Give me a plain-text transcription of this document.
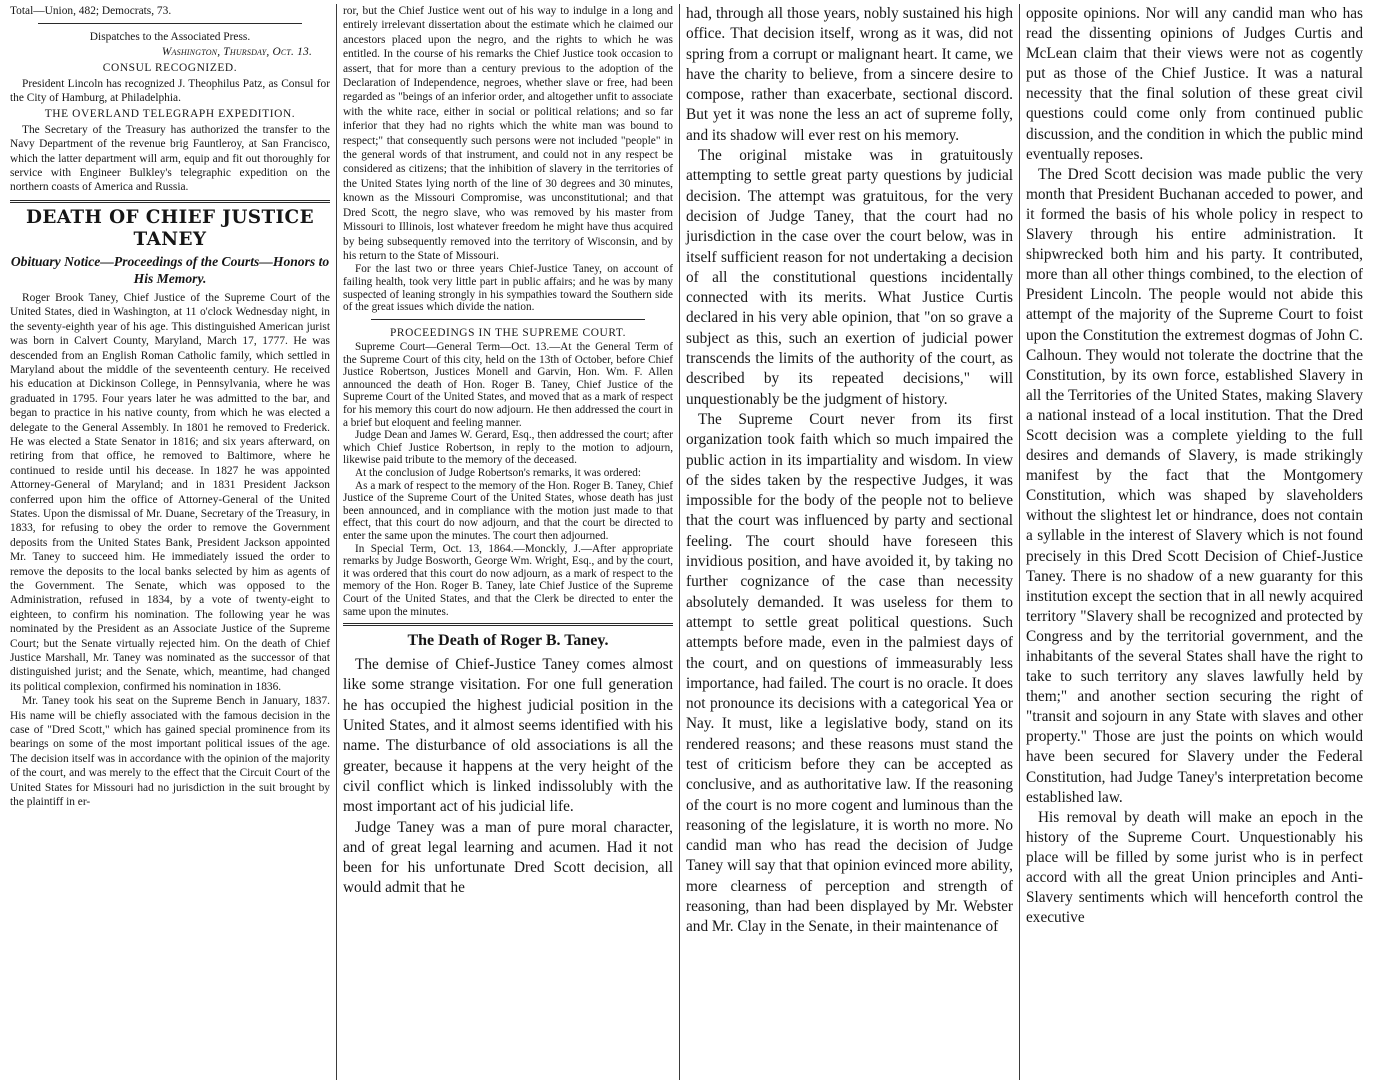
Total—Union, 482; Democrats, 73.

Dispatches to the Associated Press.

Washington, Thursday, Oct. 13.

CONSUL RECOGNIZED.

President Lincoln has recognized J. Theophilus Patz, as Consul for the City of Hamburg, at Philadelphia.

THE OVERLAND TELEGRAPH EXPEDITION.

The Secretary of the Treasury has authorized the transfer to the Navy Department of the revenue brig Fauntleroy, at San Francisco, which the latter department will arm, equip and fit out thoroughly for service with Engineer Bulkley's telegraphic expedition on the northern coasts of America and Russia.

DEATH OF CHIEF JUSTICE TANEY

Obituary Notice—Proceedings of the Courts—Honors to His Memory.

Roger Brook Taney, Chief Justice of the Supreme Court of the United States, died in Washington, at 11 o'clock Wednesday night, in the seventy-eighth year of his age. This distinguished American jurist was born in Calvert County, Maryland, March 17, 1777. He was descended from an English Roman Catholic family, which settled in Maryland about the middle of the seventeenth century. He received his education at Dickinson College, in Pennsylvania, where he was graduated in 1795. Four years later he was admitted to the bar, and began to practice in his native county, from which he was elected a delegate to the General Assembly. In 1801 he removed to Frederick. He was elected a State Senator in 1816; and six years afterward, on retiring from that office, he removed to Baltimore, where he continued to reside until his decease. In 1827 he was appointed Attorney-General of Maryland; and in 1831 President Jackson conferred upon him the office of Attorney-General of the United States. Upon the dismissal of Mr. Duane, Secretary of the Treasury, in 1833, for refusing to obey the order to remove the Government deposits from the United States Bank, President Jackson appointed Mr. Taney to succeed him. He immediately issued the order to remove the deposits to the local banks selected by him as agents of the Government. The Senate, which was opposed to the Administration, refused in 1834, by a vote of twenty-eight to eighteen, to confirm his nomination. The following year he was nominated by the President as an Associate Justice of the Supreme Court; but the Senate virtually rejected him. On the death of Chief Justice Marshall, Mr. Taney was nominated as the successor of that distinguished jurist; and the Senate, which, meantime, had changed its political complexion, confirmed his nomination in 1836.

Mr. Taney took his seat on the Supreme Bench in January, 1837. His name will be chiefly associated with the famous decision in the case of "Dred Scott," which has gained special prominence from its bearings on some of the most important political issues of the age. The decision itself was in accordance with the opinion of the majority of the court, and was merely to the effect that the Circuit Court of the United States for Missouri had no jurisdiction in the suit brought by the plaintiff in er-

ror, but the Chief Justice went out of his way to indulge in a long and entirely irrelevant dissertation about the estimate which he claimed our ancestors placed upon the negro, and the rights to which he was entitled. In the course of his remarks the Chief Justice took occasion to assert, that for more than a century previous to the adoption of the Declaration of Independence, negroes, whether slave or free, had been regarded as "beings of an inferior order, and altogether unfit to associate with the white race, either in social or political relations; and so far inferior that they had no rights which the white man was bound to respect;" that consequently such persons were not included "people" in the general words of that instrument, and could not in any respect be considered as citizens; that the inhibition of slavery in the territories of the United States lying north of the line of 30 degrees and 30 minutes, known as the Missouri Compromise, was unconstitutional; and that Dred Scott, the negro slave, who was removed by his master from Missouri to Illinois, lost whatever freedom he might have thus acquired by being subsequently removed into the territory of Wisconsin, and by his return to the State of Missouri.

For the last two or three years Chief-Justice Taney, on account of failing health, took very little part in public affairs; and he was by many suspected of leaning strongly in his sympathies toward the Southern side of the great issues which divide the nation.

PROCEEDINGS IN THE SUPREME COURT.

Supreme Court—General Term—Oct. 13.—At the General Term of the Supreme Court of this city, held on the 13th of October, before Chief Justice Robertson, Justices Monell and Garvin, Hon. Wm. F. Allen announced the death of Hon. Roger B. Taney, Chief Justice of the Supreme Court of the United States, and moved that as a mark of respect for his memory this court do now adjourn. He then addressed the court in a brief but eloquent and feeling manner.

Judge Dean and James W. Gerard, Esq., then addressed the court; after which Chief Justice Robertson, in reply to the motion to adjourn, likewise paid tribute to the memory of the deceased.

At the conclusion of Judge Robertson's remarks, it was ordered:

As a mark of respect to the memory of the Hon. Roger B. Taney, Chief Justice of the Supreme Court of the United States, whose death has just been announced, and in compliance with the motion just made to that effect, that this court do now adjourn, and that the court be directed to enter the same upon the minutes. The court then adjourned.

In Special Term, Oct. 13, 1864.—Monckly, J.—After appropriate remarks by Judge Bosworth, George Wm. Wright, Esq., and by the court, it was ordered that this court do now adjourn, as a mark of respect to the memory of the Hon. Roger B. Taney, late Chief Justice of the Supreme Court of the United States, and that the Clerk be directed to enter the same upon the minutes.

The Death of Roger B. Taney.

The demise of Chief-Justice Taney comes almost like some strange visitation. For one full generation he has occupied the highest judicial position in the United States, and it almost seems identified with his name. The disturbance of old associations is all the greater, because it happens at the very height of the civil conflict which is linked indissolubly with the most important act of his judicial life.

Judge Taney was a man of pure moral character, and of great legal learning and acumen. Had it not been for his unfortunate Dred Scott decision, all would admit that he

had, through all those years, nobly sustained his high office. That decision itself, wrong as it was, did not spring from a corrupt or malignant heart. It came, we have the charity to believe, from a sincere desire to compose, rather than exacerbate, sectional discord. But yet it was none the less an act of supreme folly, and its shadow will ever rest on his memory.

The original mistake was in gratuitously attempting to settle great party questions by judicial decision. The attempt was gratuitous, for the very decision of Judge Taney, that the court had no jurisdiction in the case over the court below, was in itself sufficient reason for not undertaking a decision of all the constitutional questions incidentally connected with its merits. What Justice Curtis declared in his very able opinion, that "on so grave a subject as this, such an exertion of judicial power transcends the limits of the authority of the court, as described by its repeated decisions," will unquestionably be the judgment of history.

The Supreme Court never from its first organization took faith which so much impaired the public action in its impartiality and wisdom. In view of the sides taken by the respective Judges, it was impossible for the body of the people not to believe that the court was influenced by party and sectional feeling. The court should have foreseen this invidious position, and have avoided it, by taking no further cognizance of the case than necessity absolutely demanded. It was useless for them to attempt to settle great political questions. Such attempts before made, even in the palmiest days of the court, and on questions of immeasurably less importance, had failed. The court is no oracle. It does not pronounce its decisions with a categorical Yea or Nay. It must, like a legislative body, stand on its rendered reasons; and these reasons must stand the test of criticism before they can be accepted as conclusive, and as authoritative law. If the reasoning of the court is no more cogent and luminous than the reasoning of the legislature, it is worth no more. No candid man who has read the decision of Judge Taney will say that that opinion evinced more ability, more clearness of perception and strength of reasoning, than had been displayed by Mr. Webster and Mr. Clay in the Senate, in their maintenance of

opposite opinions. Nor will any candid man who has read the dissenting opinions of Judges Curtis and McLean claim that their views were not as cogently put as those of the Chief Justice. It was a natural necessity that the final solution of these great civil questions could come only from continued public discussion, and the condition in which the public mind eventually reposes.

The Dred Scott decision was made public the very month that President Buchanan acceded to power, and it formed the basis of his whole policy in respect to Slavery through his entire administration. It shipwrecked both him and his party. It contributed, more than all other things combined, to the election of President Lincoln. The people would not abide this attempt of the majority of the Supreme Court to foist upon the Constitution the extremest dogmas of John C. Calhoun. They would not tolerate the doctrine that the Constitution, by its own force, established Slavery in all the Territories of the United States, making Slavery a national instead of a local institution. That the Dred Scott decision was a complete yielding to the full desires and demands of Slavery, is made strikingly manifest by the fact that the Montgomery Constitution, which was shaped by slaveholders without the slightest let or hindrance, does not contain a syllable in the interest of Slavery which is not found precisely in this Dred Scott Decision of Chief-Justice Taney. There is no shadow of a new guaranty for this institution except the section that in all newly acquired territory "Slavery shall be recognized and protected by Congress and by the territorial government, and the inhabitants of the several States shall have the right to take to such territory any slaves lawfully held by them;" and another section securing the right of "transit and sojourn in any State with slaves and other property." Those are just the points on which would have been secured for Slavery under the Federal Constitution, had Judge Taney's interpretation become established law.

His removal by death will make an epoch in the history of the Supreme Court. Unquestionably his place will be filled by some jurist who is in perfect accord with all the great Union principles and Anti-Slavery sentiments which will henceforth control the executive
